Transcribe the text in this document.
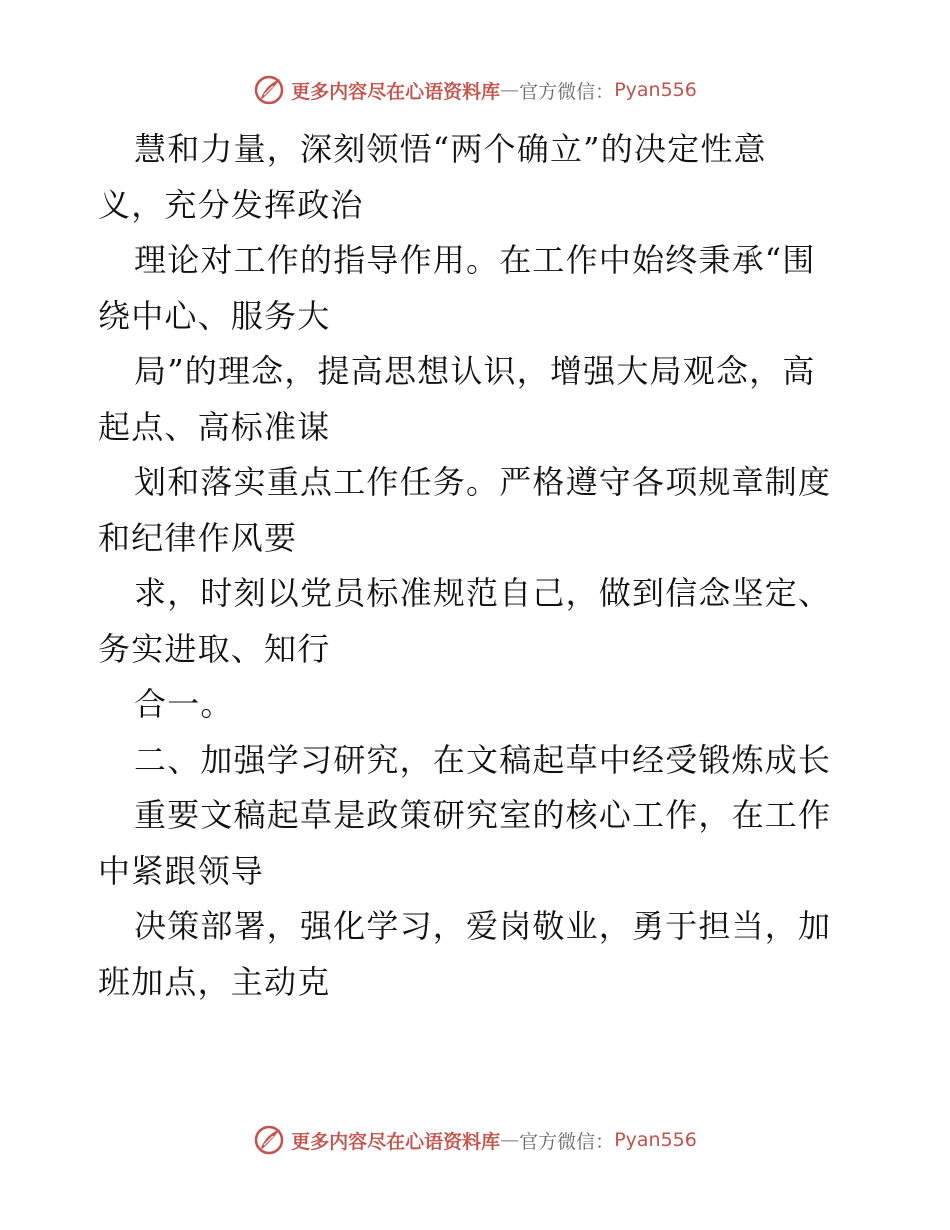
更多内容尽在心语资料库 — 官方微信： Pyan556
慧和力量，深刻领悟“两个确立”的决定性意
义，充分发挥政治
理论对工作的指导作用。在工作中始终秉承“围
绕中心、服务大
局”的理念，提高思想认识，增强大局观念，高
起点、高标准谋
划和落实重点工作任务。严格遵守各项规章制度
和纪律作风要
求，时刻以党员标准规范自己，做到信念坚定、
务实进取、知行
合一。
二、加强学习研究，在文稿起草中经受锻炼成长
重要文稿起草是政策研究室的核心工作，在工作
中紧跟领导
决策部署，强化学习，爱岗敬业，勇于担当，加
班加点，主动克
更多内容尽在心语资料库 — 官方微信： Pyan556
